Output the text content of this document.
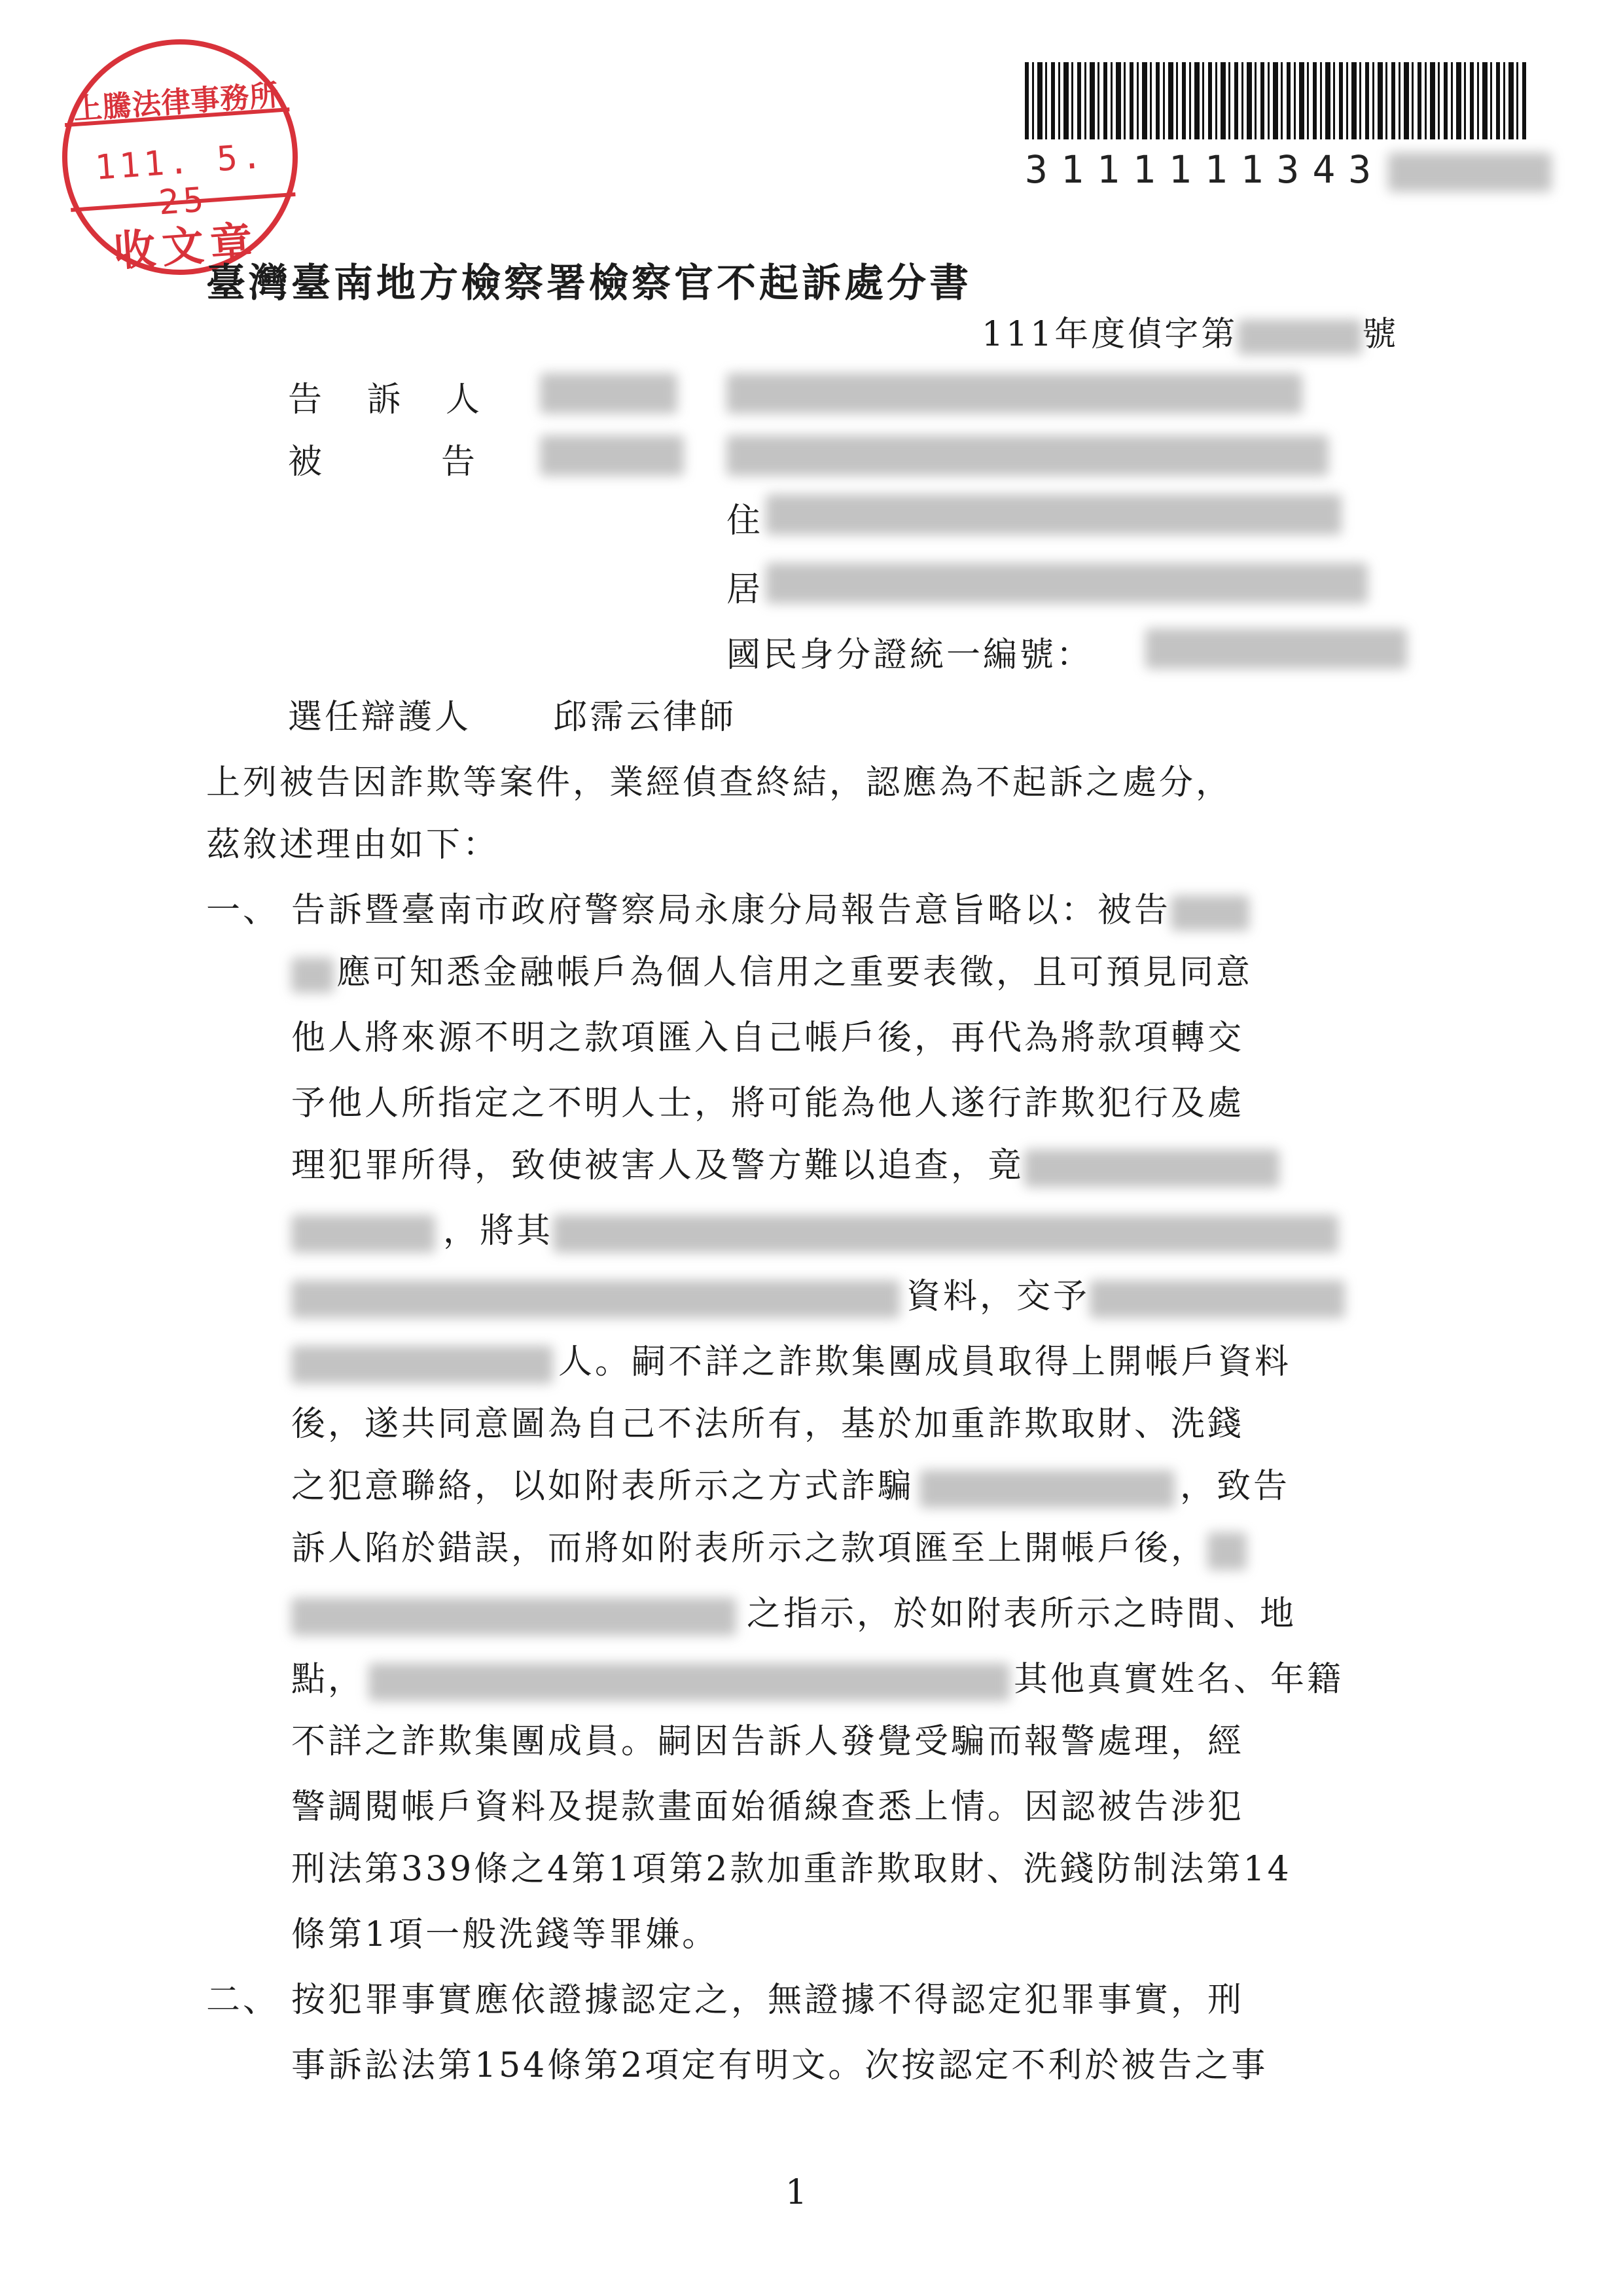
上騰法律事務所
111. 5. 25
收文章
3111111343
臺灣臺南地方檢察署檢察官不起訴處分書
111年度偵字第	號
告 訴 人
被　　告
住
居
國民身分證統一編號：
選任辯護人 邱霈云律師
上列被告因詐欺等案件，業經偵查終結，認應為不起訴之處分，
茲敘述理由如下：
一、 告訴暨臺南市政府警察局永康分局報告意旨略以：被告
應可知悉金融帳戶為個人信用之重要表徵，且可預見同意
他人將來源不明之款項匯入自己帳戶後，再代為將款項轉交
予他人所指定之不明人士，將可能為他人遂行詐欺犯行及處
理犯罪所得，致使被害人及警方難以追查，竟
，將其
資料，交予
人。嗣不詳之詐欺集團成員取得上開帳戶資料
後，遂共同意圖為自己不法所有，基於加重詐欺取財、洗錢
之犯意聯絡，以如附表所示之方式詐騙	，致告
訴人陷於錯誤，而將如附表所示之款項匯至上開帳戶後，
之指示，於如附表所示之時間、地
點，	其他真實姓名、年籍
不詳之詐欺集團成員。嗣因告訴人發覺受騙而報警處理，經
警調閱帳戶資料及提款畫面始循線查悉上情。因認被告涉犯
刑法第339條之4第1項第2款加重詐欺取財、洗錢防制法第14
條第1項一般洗錢等罪嫌。
二、 按犯罪事實應依證據認定之，無證據不得認定犯罪事實，刑
事訴訟法第154條第2項定有明文。次按認定不利於被告之事
1
